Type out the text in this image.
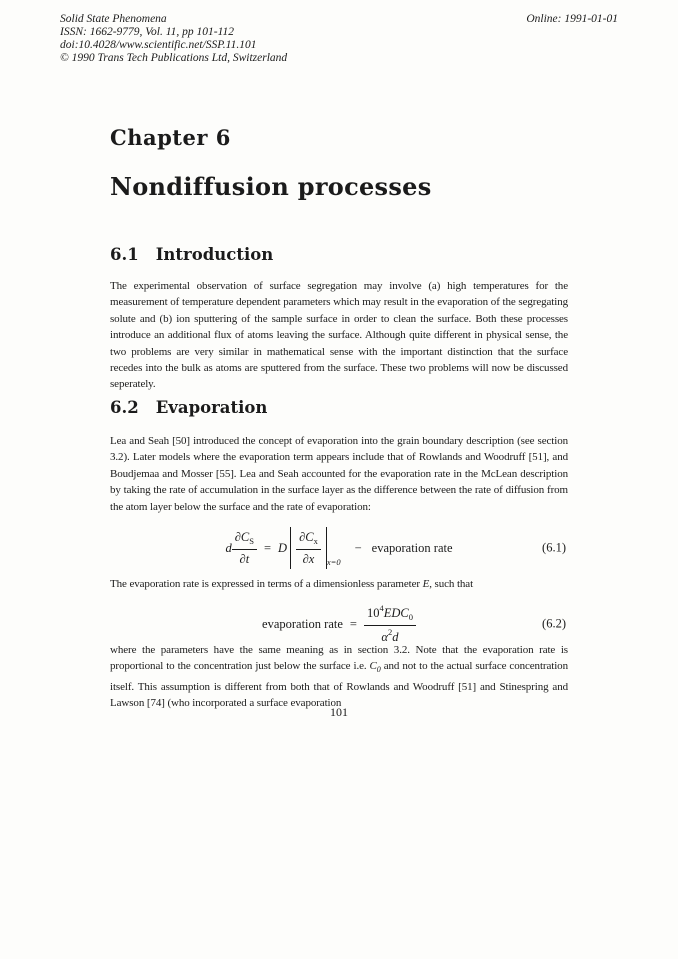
Solid State Phenomena
ISSN: 1662-9779, Vol. 11, pp 101-112
doi:10.4028/www.scientific.net/SSP.11.101
© 1990 Trans Tech Publications Ltd, Switzerland
Online: 1991-01-01
Chapter 6
Nondiffusion processes
6.1 Introduction
The experimental observation of surface segregation may involve (a) high temperatures for the measurement of temperature dependent parameters which may result in the evaporation of the segregating solute and (b) ion sputtering of the sample surface in order to clean the surface. Both these processes introduce an additional flux of atoms leaving the surface. Although quite different in physical sense, the two problems are very similar in mathematical sense with the important distinction that the surface recedes into the bulk as atoms are sputtered from the surface. These two problems will now be discussed seperately.
6.2 Evaporation
Lea and Seah [50] introduced the concept of evaporation into the grain boundary description (see section 3.2). Later models where the evaporation term appears include that of Rowlands and Woodruff [51], and Boudjemaa and Mosser [55]. Lea and Seah accounted for the evaporation rate in the McLean description by taking the rate of accumulation in the surface layer as the difference between the rate of diffusion from the atom layer below the surface and the rate of evaporation:
d $\frac{\partial C_S}{\partial t} = D \frac{\partial C_x}{\partial x} x=0$
− evaporation rate	(6.1)
The evaporation rate is expressed in terms of a dimensionless parameter E, such that
evaporation rate = $\frac{10^4EDC_0}{\alpha^2d}$	(6.2)
where the parameters have the same meaning as in section 3.2. Note that the evaporation rate is proportional to the concentration just below the surface i.e. $C_0$ and not to the actual surface concentration itself. This assumption is different from both that of Rowlands and Woodruff [51] and Stinespring and Lawson [74] (who incorporated a surface evaporation
101
